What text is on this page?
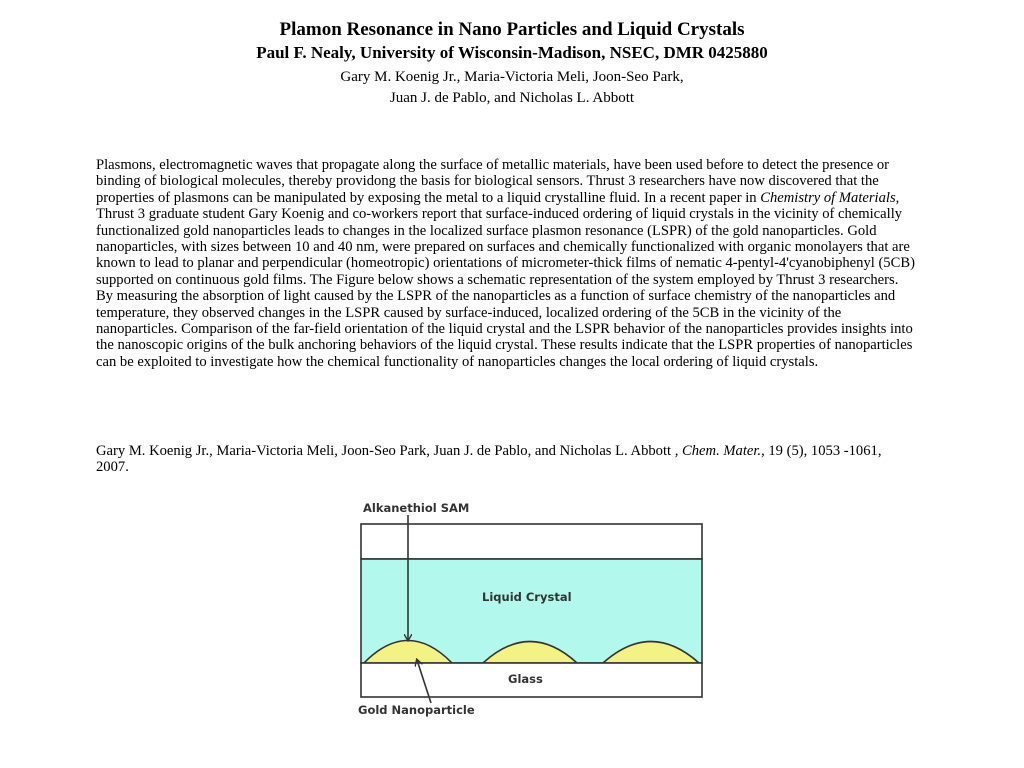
Plamon Resonance in Nano Particles and Liquid Crystals

Paul F. Nealy, University of Wisconsin-Madison, NSEC, DMR 0425880

Gary M. Koenig Jr., Maria-Victoria Meli, Joon-Seo Park,
Juan J. de Pablo, and Nicholas L. Abbott

Plasmons, electromagnetic waves that propagate along the surface of metallic materials, have been used before to detect the presence or binding of biological molecules, thereby providong the basis for biological sensors. Thrust 3 researchers have now discovered that the properties of plasmons can be manipulated by exposing the metal to a liquid crystalline fluid. In a recent paper in Chemistry of Materials, Thrust 3 graduate student Gary Koenig and co-workers report that surface-induced ordering of liquid crystals in the vicinity of chemically functionalized gold nanoparticles leads to changes in the localized surface plasmon resonance (LSPR) of the gold nanoparticles. Gold nanoparticles, with sizes between 10 and 40 nm, were prepared on surfaces and chemically functionalized with organic monolayers that are known to lead to planar and perpendicular (homeotropic) orientations of micrometer-thick films of nematic 4-pentyl-4'cyanobiphenyl (5CB) supported on continuous gold films. The Figure below shows a schematic representation of the system employed by Thrust 3 researchers. By measuring the absorption of light caused by the LSPR of the nanoparticles as a function of surface chemistry of the nanoparticles and temperature, they observed changes in the LSPR caused by surface-induced, localized ordering of the 5CB in the vicinity of the nanoparticles. Comparison of the far-field orientation of the liquid crystal and the LSPR behavior of the nanoparticles provides insights into the nanoscopic origins of the bulk anchoring behaviors of the liquid crystal. These results indicate that the LSPR properties of nanoparticles can be exploited to investigate how the chemical functionality of nanoparticles changes the local ordering of liquid crystals.

Gary M. Koenig Jr., Maria-Victoria Meli, Joon-Seo Park, Juan J. de Pablo, and Nicholas L. Abbott , Chem. Mater., 19 (5), 1053 -1061, 2007.

Alkanethiol SAM
Liquid Crystal
Glass
Gold Nanoparticle
